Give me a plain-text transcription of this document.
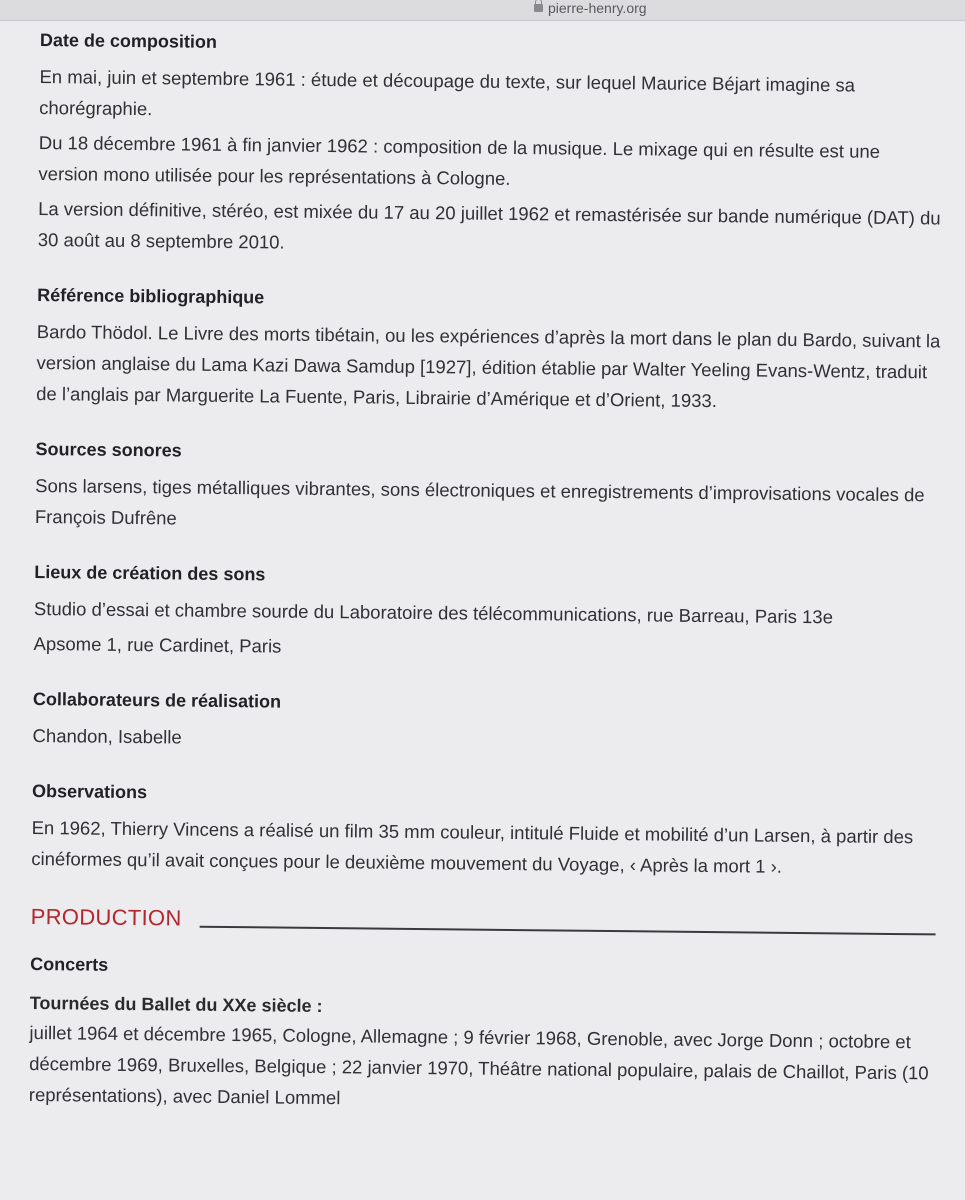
pierre-henry.org
Date de composition

En mai, juin et septembre 1961 : étude et découpage du texte, sur lequel Maurice Béjart imagine sa chorégraphie.

Du 18 décembre 1961 à fin janvier 1962 : composition de la musique. Le mixage qui en résulte est une version mono utilisée pour les représentations à Cologne.

La version définitive, stéréo, est mixée du 17 au 20 juillet 1962 et remastérisée sur bande numérique (DAT) du 30 août au 8 septembre 2010.

Référence bibliographique

Bardo Thödol. Le Livre des morts tibétain, ou les expériences d’après la mort dans le plan du Bardo, suivant la version anglaise du Lama Kazi Dawa Samdup [1927], édition établie par Walter Yeeling Evans-Wentz, traduit de l’anglais par Marguerite La Fuente, Paris, Librairie d’Amérique et d’Orient, 1933.

Sources sonores

Sons larsens, tiges métalliques vibrantes, sons électroniques et enregistrements d’improvisations vocales de François Dufrêne

Lieux de création des sons

Studio d’essai et chambre sourde du Laboratoire des télécommunications, rue Barreau, Paris 13e

Apsome 1, rue Cardinet, Paris

Collaborateurs de réalisation

Chandon, Isabelle

Observations

En 1962, Thierry Vincens a réalisé un film 35 mm couleur, intitulé Fluide et mobilité d’un Larsen, à partir des cinéformes qu’il avait conçues pour le deuxième mouvement du Voyage, ‹ Après la mort 1 ›.

PRODUCTION
Concerts

Tournées du Ballet du XXe siècle :

juillet 1964 et décembre 1965, Cologne, Allemagne ; 9 février 1968, Grenoble, avec Jorge Donn ; octobre et décembre 1969, Bruxelles, Belgique ; 22 janvier 1970, Théâtre national populaire, palais de Chaillot, Paris (10 représentations), avec Daniel Lommel
